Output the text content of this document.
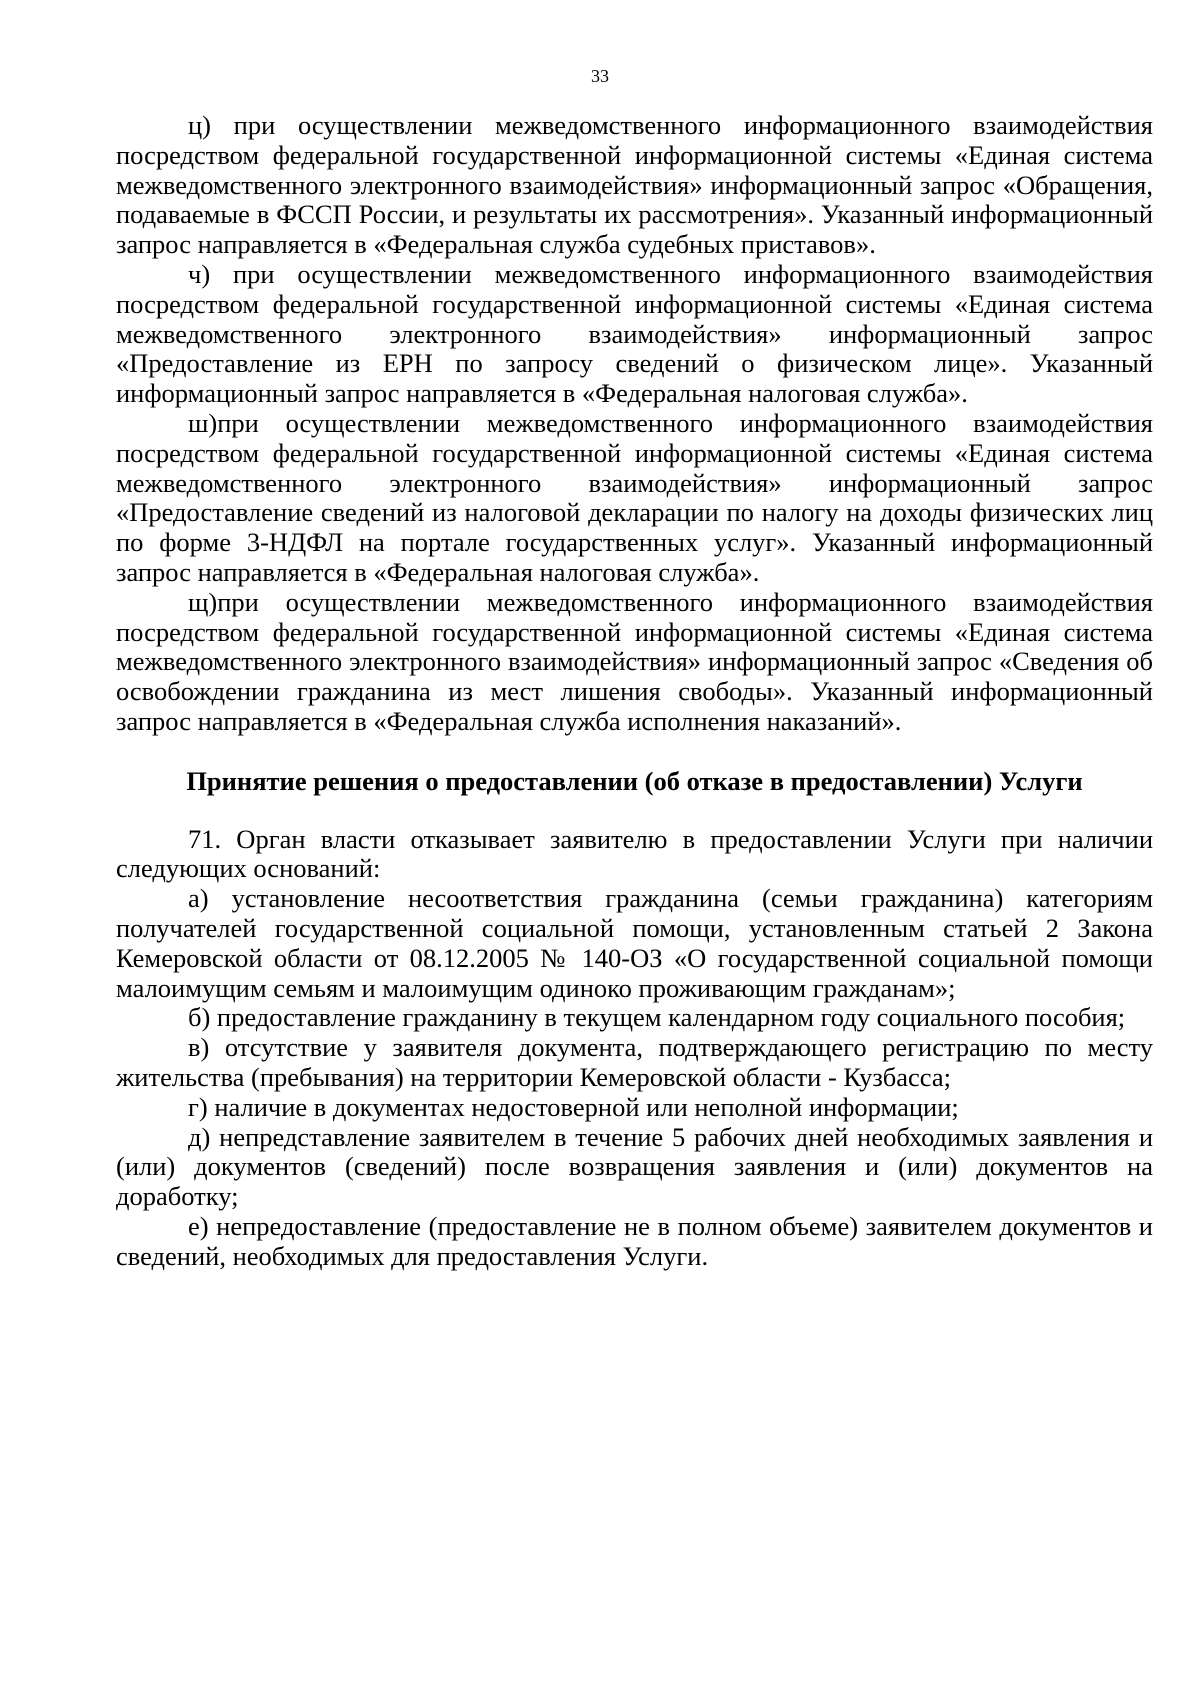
33

ц) при осуществлении межведомственного информационного взаимодействия посредством федеральной государственной информационной системы «Единая система межведомственного электронного взаимодействия» информационный запрос «Обращения, подаваемые в ФССП России, и результаты их рассмотрения». Указанный информационный запрос направляется в «Федеральная служба судебных приставов».

ч) при осуществлении межведомственного информационного взаимодействия посредством федеральной государственной информационной системы «Единая система межведомственного электронного взаимодействия» информационный запрос «Предоставление из ЕРН по запросу сведений о физическом лице». Указанный информационный запрос направляется в «Федеральная налоговая служба».

ш)при осуществлении межведомственного информационного взаимодействия посредством федеральной государственной информационной системы «Единая система межведомственного электронного взаимодействия» информационный запрос «Предоставление сведений из налоговой декларации по налогу на доходы физических лиц по форме 3-НДФЛ на портале государственных услуг». Указанный информационный запрос направляется в «Федеральная налоговая служба».

щ)при осуществлении межведомственного информационного взаимодействия посредством федеральной государственной информационной системы «Единая система межведомственного электронного взаимодействия» информационный запрос «Сведения об освобождении гражданина из мест лишения свободы». Указанный информационный запрос направляется в «Федеральная служба исполнения наказаний».

Принятие решения о предоставлении (об отказе в предоставлении) Услуги

71. Орган власти отказывает заявителю в предоставлении Услуги при наличии следующих оснований:

а) установление несоответствия гражданина (семьи гражданина) категориям получателей государственной социальной помощи, установленным статьей 2 Закона Кемеровской области от 08.12.2005 № 140-ОЗ «О государственной социальной помощи малоимущим семьям и малоимущим одиноко проживающим гражданам»;

б) предоставление гражданину в текущем календарном году социального пособия;

в) отсутствие у заявителя документа, подтверждающего регистрацию по месту жительства (пребывания) на территории Кемеровской области - Кузбасса;

г) наличие в документах недостоверной или неполной информации;

д) непредставление заявителем в течение 5 рабочих дней необходимых заявления и (или) документов (сведений) после возвращения заявления и (или) документов на доработку;

е) непредоставление (предоставление не в полном объеме) заявителем документов и сведений, необходимых для предоставления Услуги.
